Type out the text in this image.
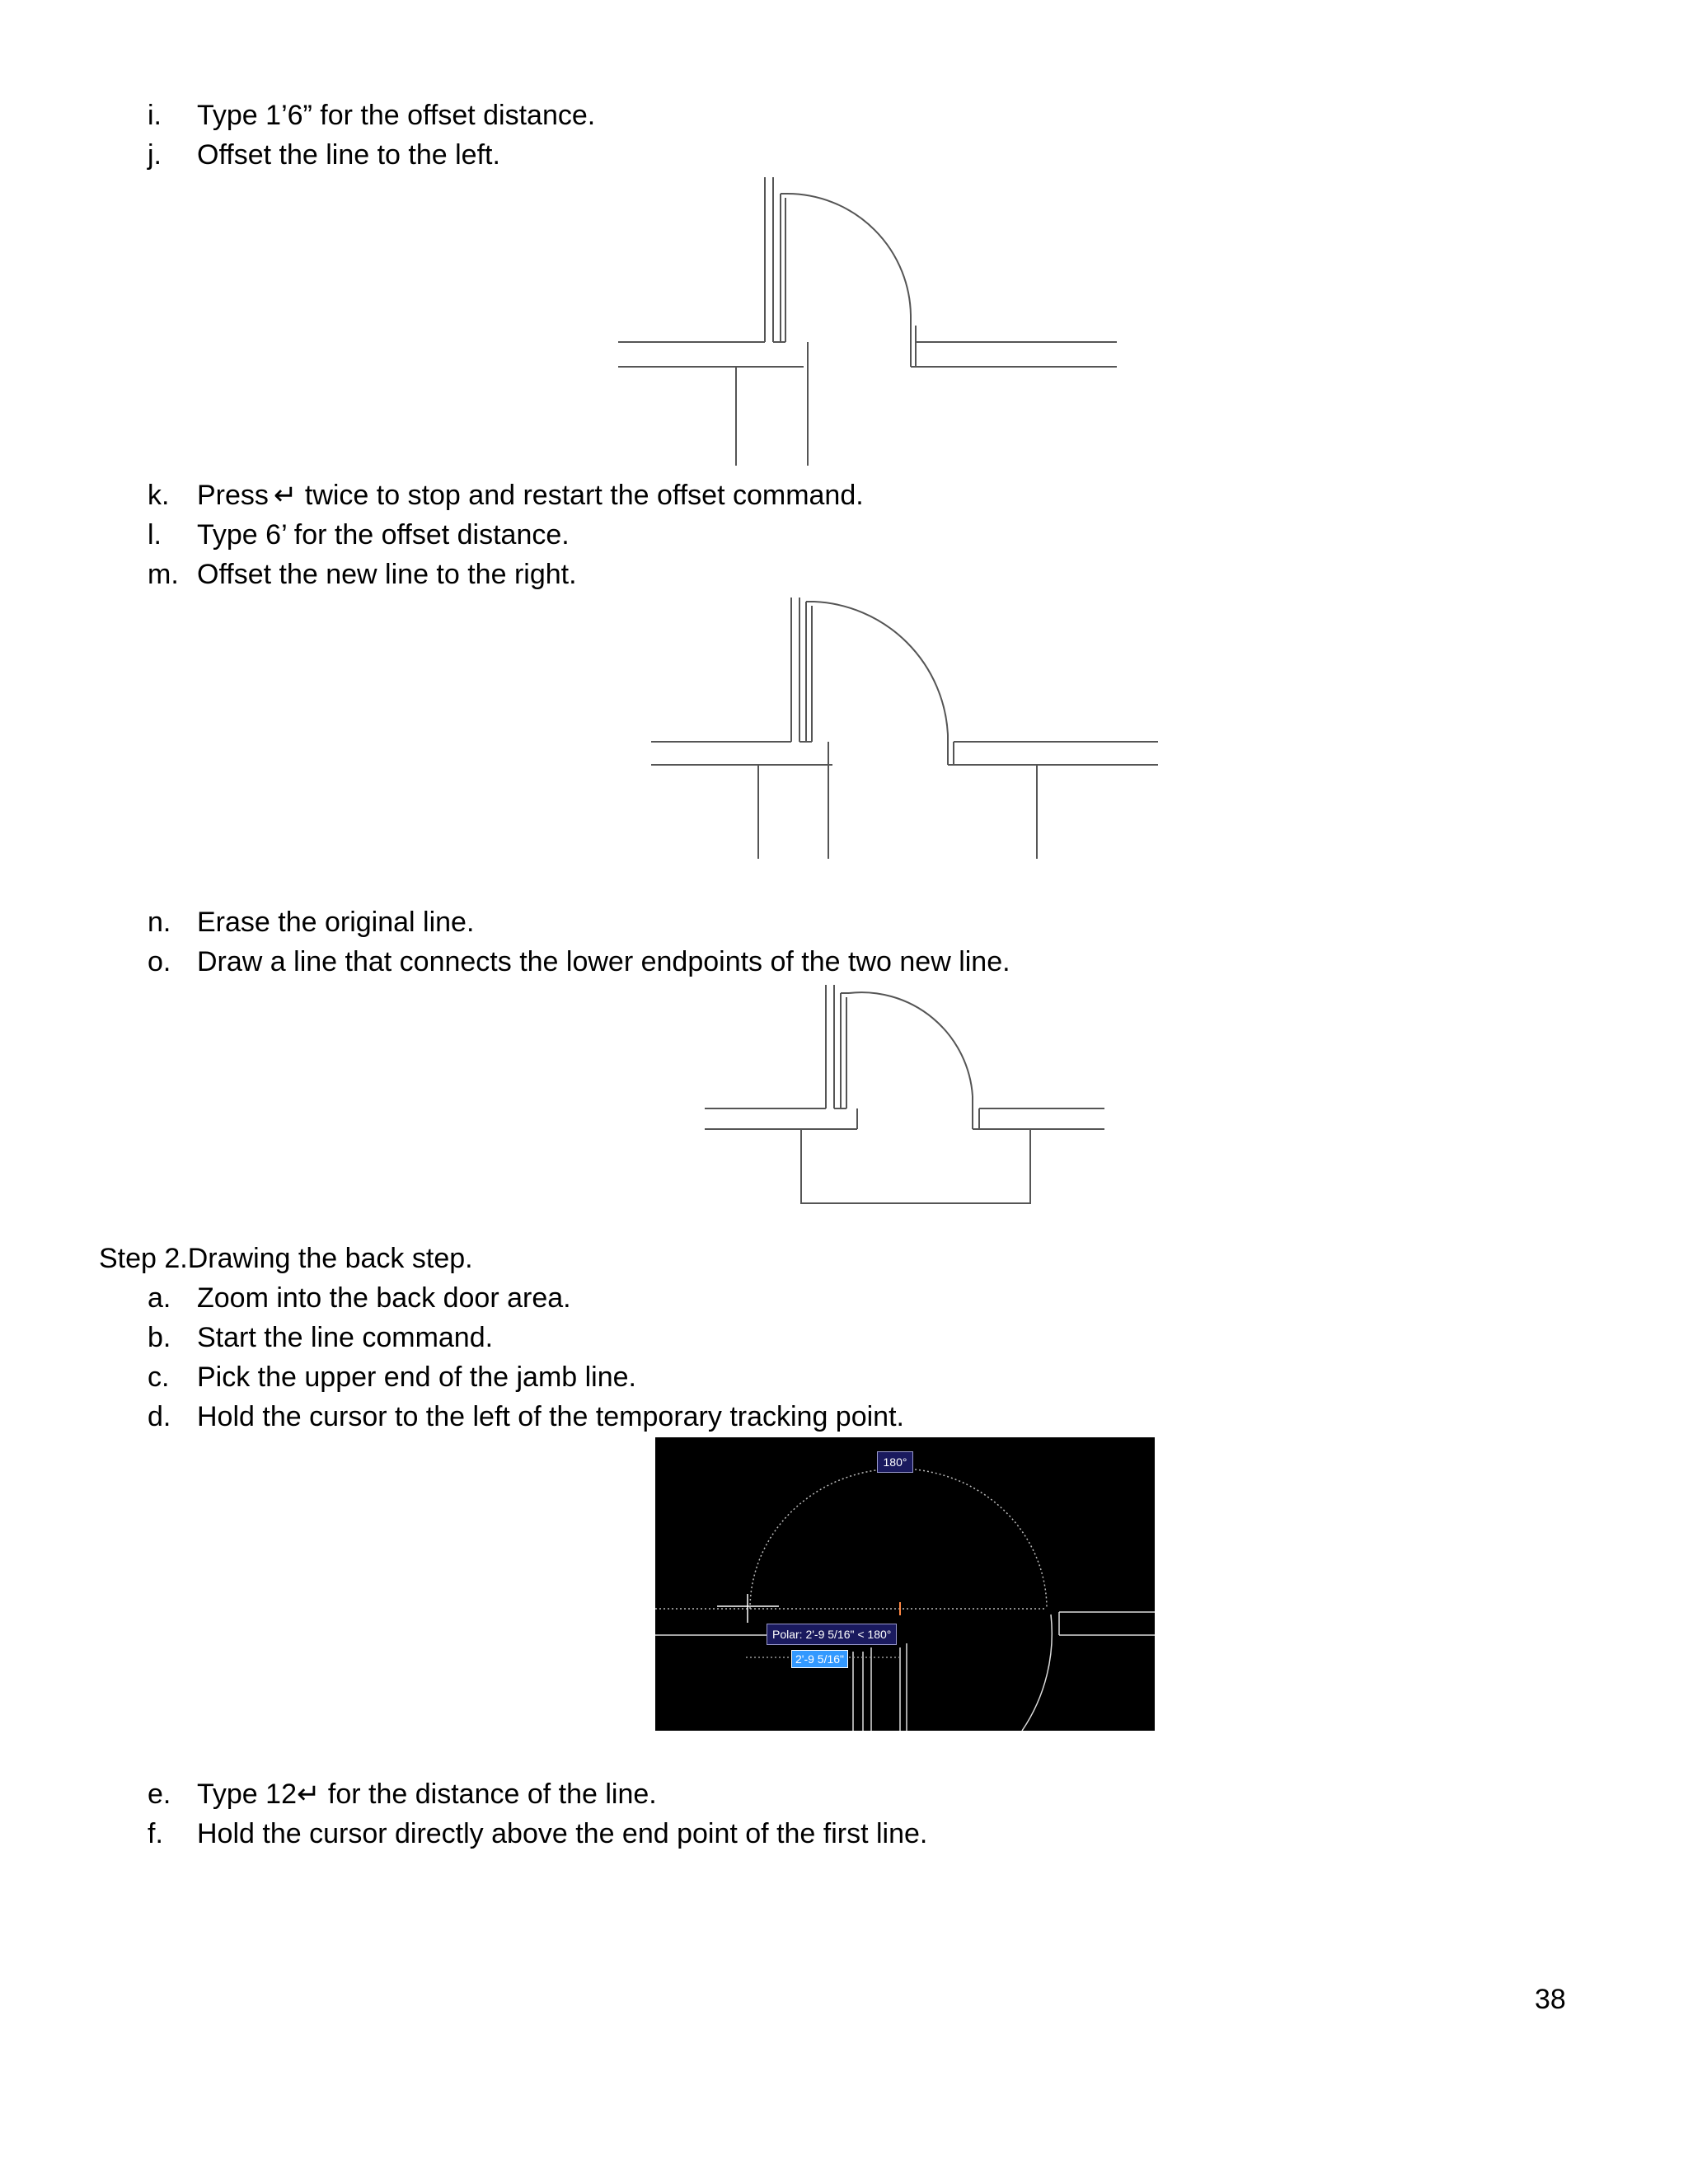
i. Type 1’6” for the offset distance.
j. Offset the line to the left.
k. Press ↵ twice to stop and restart the offset command.
l. Type 6’ for the offset distance.
m. Offset the new line to the right.
n. Erase the original line.
o. Draw a line that connects the lower endpoints of the two new line.
Step 2.Drawing the back step.
a. Zoom into the back door area.
b. Start the line command.
c. Pick the upper end of the jamb line.
d. Hold the cursor to the left of the temporary tracking point.
180°
Polar: 2'-9 5/16" < 180°
2'-9 5/16"
e. Type 12↵ for the distance of the line.
f. Hold the cursor directly above the end point of the first line.
38
